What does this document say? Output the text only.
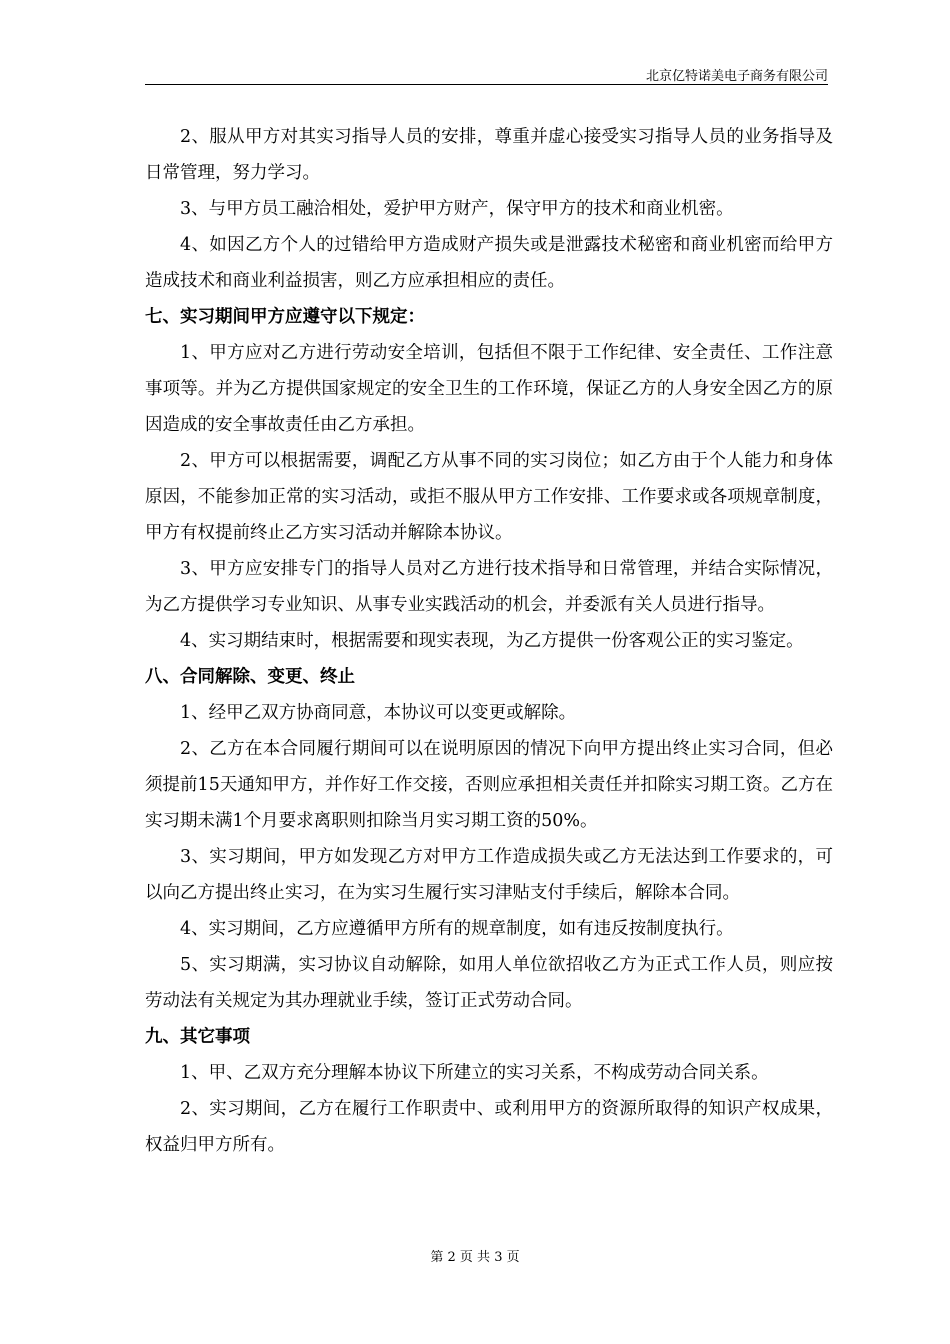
北京亿特诺美电子商务有限公司

2、服从甲方对其实习指导人员的安排，尊重并虚心接受实习指导人员的业务指导及日常管理，努力学习。

3、与甲方员工融洽相处，爱护甲方财产，保守甲方的技术和商业机密。

4、如因乙方个人的过错给甲方造成财产损失或是泄露技术秘密和商业机密而给甲方造成技术和商业利益损害，则乙方应承担相应的责任。

七、实习期间甲方应遵守以下规定：

1、甲方应对乙方进行劳动安全培训，包括但不限于工作纪律、安全责任、工作注意事项等。并为乙方提供国家规定的安全卫生的工作环境，保证乙方的人身安全因乙方的原因造成的安全事故责任由乙方承担。

2、甲方可以根据需要，调配乙方从事不同的实习岗位；如乙方由于个人能力和身体原因，不能参加正常的实习活动，或拒不服从甲方工作安排、工作要求或各项规章制度，甲方有权提前终止乙方实习活动并解除本协议。

3、甲方应安排专门的指导人员对乙方进行技术指导和日常管理，并结合实际情况，为乙方提供学习专业知识、从事专业实践活动的机会，并委派有关人员进行指导。

4、实习期结束时，根据需要和现实表现，为乙方提供一份客观公正的实习鉴定。

八、合同解除、变更、终止

1、经甲乙双方协商同意，本协议可以变更或解除。

2、乙方在本合同履行期间可以在说明原因的情况下向甲方提出终止实习合同，但必须提前15天通知甲方，并作好工作交接，否则应承担相关责任并扣除实习期工资。乙方在实习期未满1个月要求离职则扣除当月实习期工资的50%。

3、实习期间，甲方如发现乙方对甲方工作造成损失或乙方无法达到工作要求的，可以向乙方提出终止实习，在为实习生履行实习津贴支付手续后，解除本合同。

4、实习期间，乙方应遵循甲方所有的规章制度，如有违反按制度执行。

5、实习期满，实习协议自动解除，如用人单位欲招收乙方为正式工作人员，则应按劳动法有关规定为其办理就业手续，签订正式劳动合同。

九、其它事项

1、甲、乙双方充分理解本协议下所建立的实习关系，不构成劳动合同关系。

2、实习期间，乙方在履行工作职责中、或利用甲方的资源所取得的知识产权成果，权益归甲方所有。

第 2 页 共 3 页
